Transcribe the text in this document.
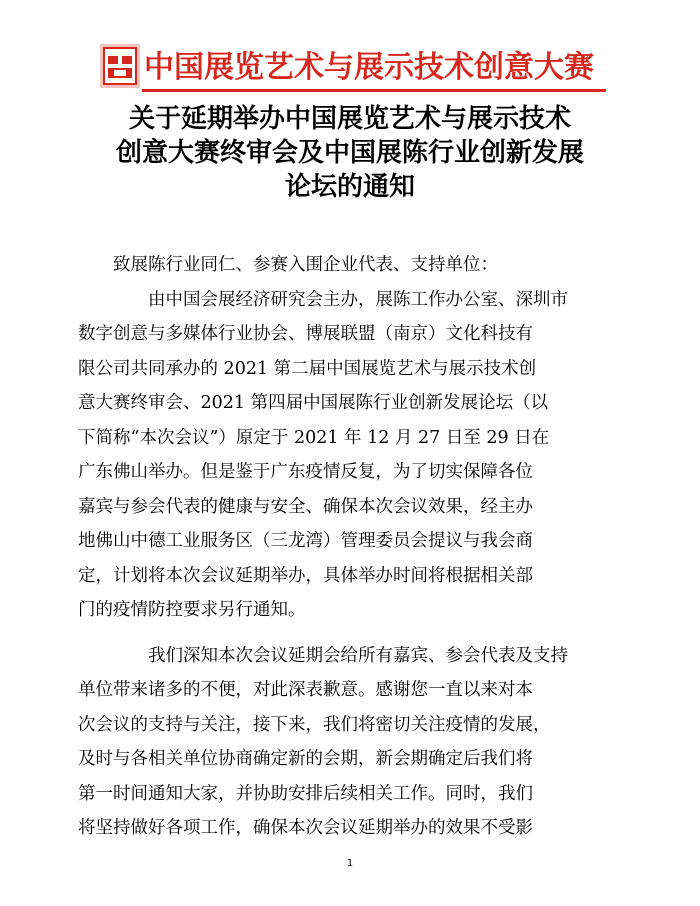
中国展览艺术与展示技术创意大赛
关于延期举办中国展览艺术与展示技术
创意大赛终审会及中国展陈行业创新发展
论坛的通知

致展陈行业同仁、参赛入围企业代表、支持单位：

由中国会展经济研究会主办，展陈工作办公室、深圳市
数字创意与多媒体行业协会、博展联盟（南京）文化科技有
限公司共同承办的 2021 第二届中国展览艺术与展示技术创
意大赛终审会、2021 第四届中国展陈行业创新发展论坛（以
下简称“本次会议”）原定于 2021 年 12 月 27 日至 29 日在
广东佛山举办。但是鉴于广东疫情反复，为了切实保障各位
嘉宾与参会代表的健康与安全、确保本次会议效果，经主办
地佛山中德工业服务区（三龙湾）管理委员会提议与我会商
定，计划将本次会议延期举办，具体举办时间将根据相关部
门的疫情防控要求另行通知。

我们深知本次会议延期会给所有嘉宾、参会代表及支持
单位带来诸多的不便，对此深表歉意。感谢您一直以来对本
次会议的支持与关注，接下来，我们将密切关注疫情的发展，
及时与各相关单位协商确定新的会期，新会期确定后我们将
第一时间通知大家，并协助安排后续相关工作。同时，我们
将坚持做好各项工作，确保本次会议延期举办的效果不受影

1
